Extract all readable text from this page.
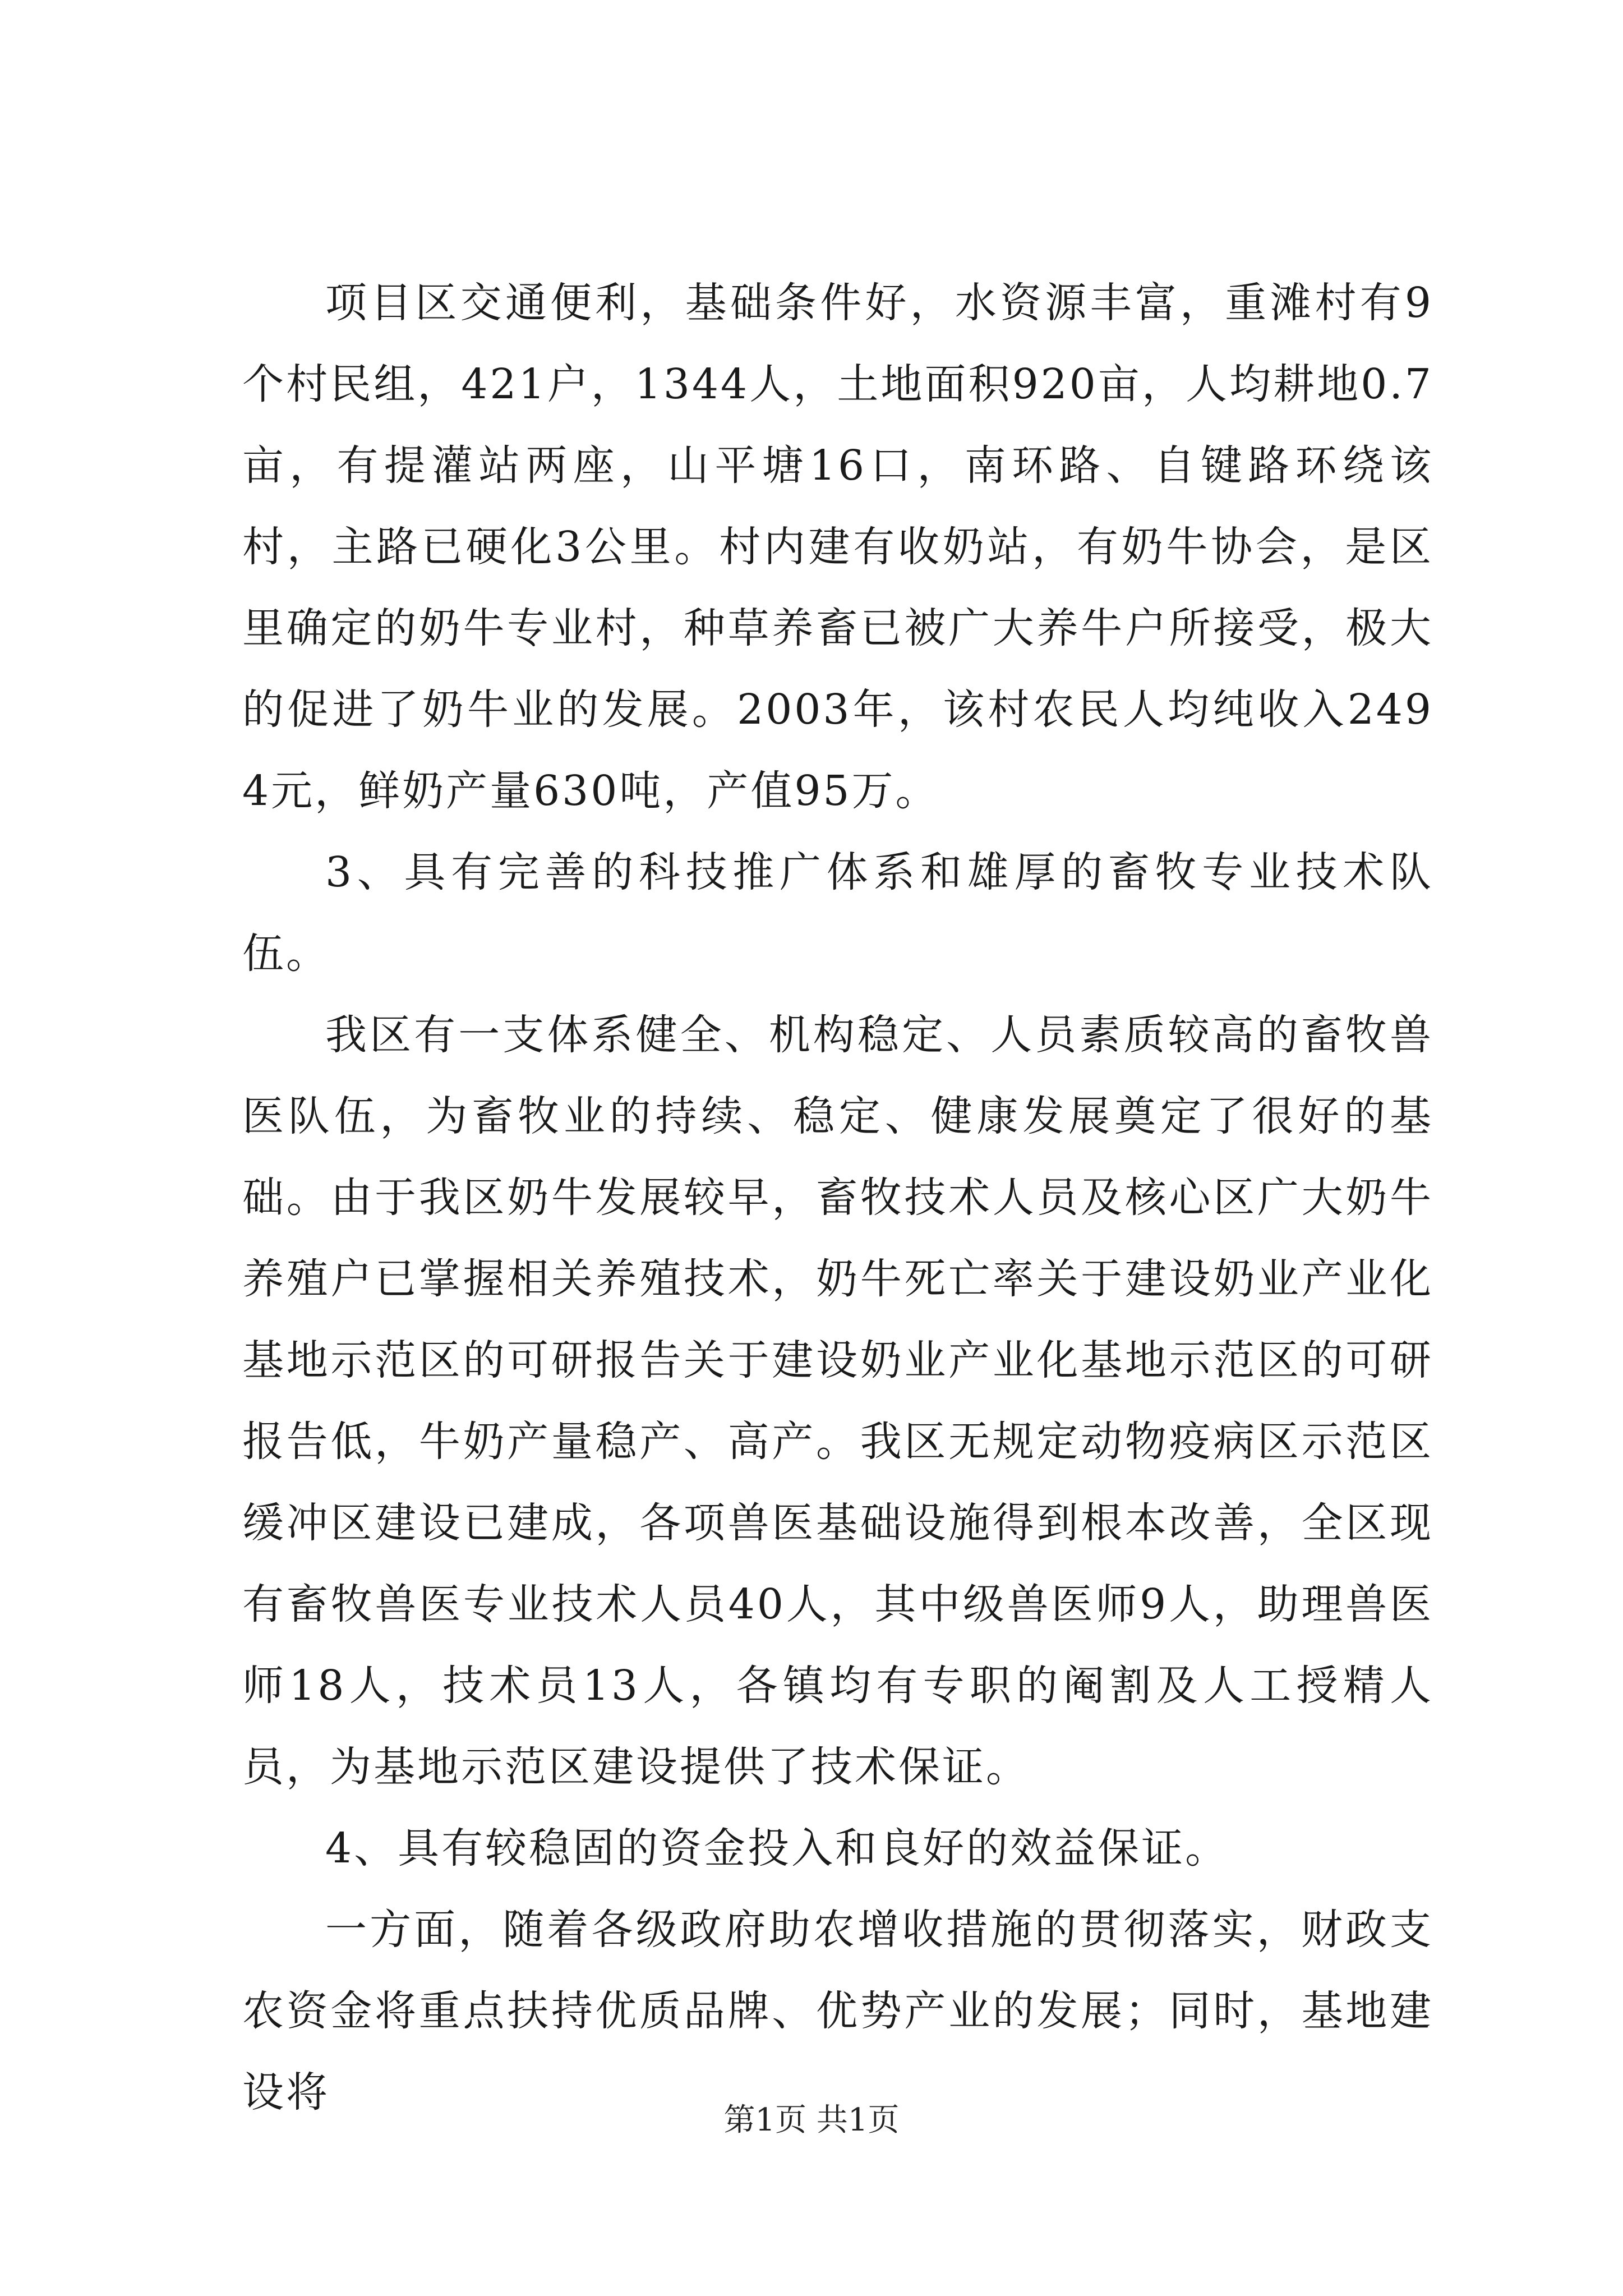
项目区交通便利，基础条件好，水资源丰富，重滩村有9个村民组，421户，1344人，土地面积920亩，人均耕地0.7亩，有提灌站两座，山平塘16口，南环路、自键路环绕该村，主路已硬化3公里。村内建有收奶站，有奶牛协会，是区里确定的奶牛专业村，种草养畜已被广大养牛户所接受，极大的促进了奶牛业的发展。2003年，该村农民人均纯收入2494元，鲜奶产量630吨，产值95万。

3、具有完善的科技推广体系和雄厚的畜牧专业技术队伍。

我区有一支体系健全、机构稳定、人员素质较高的畜牧兽医队伍，为畜牧业的持续、稳定、健康发展奠定了很好的基础。由于我区奶牛发展较早，畜牧技术人员及核心区广大奶牛养殖户已掌握相关养殖技术，奶牛死亡率关于建设奶业产业化基地示范区的可研报告关于建设奶业产业化基地示范区的可研报告低，牛奶产量稳产、高产。我区无规定动物疫病区示范区缓冲区建设已建成，各项兽医基础设施得到根本改善，全区现有畜牧兽医专业技术人员40人，其中级兽医师9人，助理兽医师18人，技术员13人，各镇均有专职的阉割及人工授精人员，为基地示范区建设提供了技术保证。

4、具有较稳固的资金投入和良好的效益保证。

一方面，随着各级政府助农增收措施的贯彻落实，财政支农资金将重点扶持优质品牌、优势产业的发展；同时，基地建设将

第1页 共1页
